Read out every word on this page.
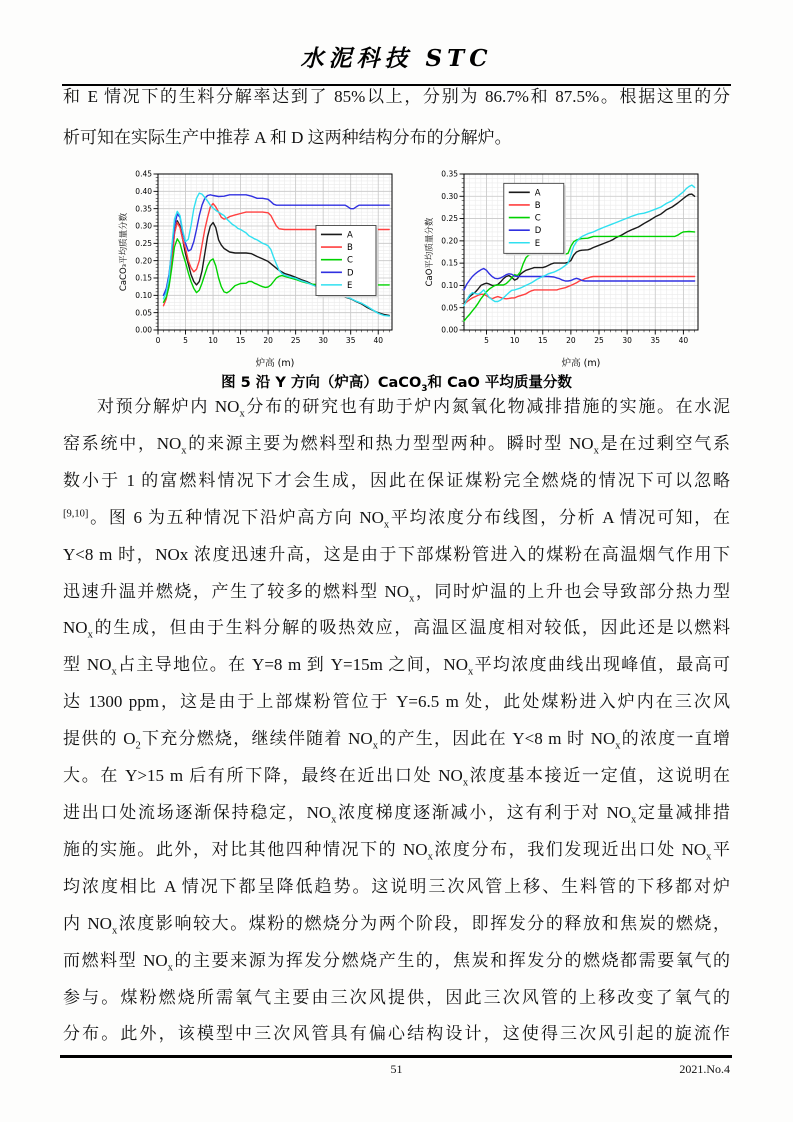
水泥科技 STC
和 E 情况下的生料分解率达到了 85%以上，分别为 86.7%和 87.5%。根据这里的分
析可知在实际生产中推荐 A 和 D 这两种结构分布的分解炉。
0	5	10 15 20 25 30 35 40
0.00
0.05
0.10
0.15
0.20
0.25
0.30
0.35
0.40
0.45
A
B
C
D
E
炉高 (m)
CaCO₃平均质量分数
5	10 15 20 25 30 35 40
0.00
0.05
0.10
0.15
0.20
0.25
0.30
0.35
A
B
C
D
E
炉高 (m)
CaO平均质量分数
图 5 沿 Y 方向（炉高）CaCO$_3$和 CaO 平均质量分数
对预分解炉内 $NO_x$分布的研究也有助于炉内氮氧化物减排措施的实施。在水泥
窑系统中，$NO_x$的来源主要为燃料型和热力型型两种。瞬时型 $NO_x$是在过剩空气系
数小于 1 的富燃料情况下才会生成，因此在保证煤粉完全燃烧的情况下可以忽略
[9,10]。图 6 为五种情况下沿炉高方向 $NO_x$平均浓度分布线图，分析 A 情况可知，在
Y<8 m 时，NOx 浓度迅速升高，这是由于下部煤粉管进入的煤粉在高温烟气作用下
迅速升温并燃烧，产生了较多的燃料型 $NO_x$，同时炉温的上升也会导致部分热力型
$NO_x$的生成，但由于生料分解的吸热效应，高温区温度相对较低，因此还是以燃料
型 $NO_x$占主导地位。在 Y=8 m 到 Y=15m 之间，$NO_x$平均浓度曲线出现峰值，最高可
达 1300 ppm，这是由于上部煤粉管位于 Y=6.5 m 处，此处煤粉进入炉内在三次风
提供的 $O_2$下充分燃烧，继续伴随着 $NO_x$的产生，因此在 Y<8 m 时 $NO_x$的浓度一直增
大。在 Y>15 m 后有所下降，最终在近出口处 $NO_x$浓度基本接近一定值，这说明在
进出口处流场逐渐保持稳定，$NO_x$浓度梯度逐渐减小，这有利于对 $NO_x$定量减排措
施的实施。此外，对比其他四种情况下的 $NO_x$浓度分布，我们发现近出口处 $NO_x$平
均浓度相比 A 情况下都呈降低趋势。这说明三次风管上移、生料管的下移都对炉
内 $NO_x$浓度影响较大。煤粉的燃烧分为两个阶段，即挥发分的释放和焦炭的燃烧，
而燃料型 $NO_x$的主要来源为挥发分燃烧产生的，焦炭和挥发分的燃烧都需要氧气的
参与。煤粉燃烧所需氧气主要由三次风提供，因此三次风管的上移改变了氧气的
分布。此外，该模型中三次风管具有偏心结构设计，这使得三次风引起的旋流作
51	2021.No.4
